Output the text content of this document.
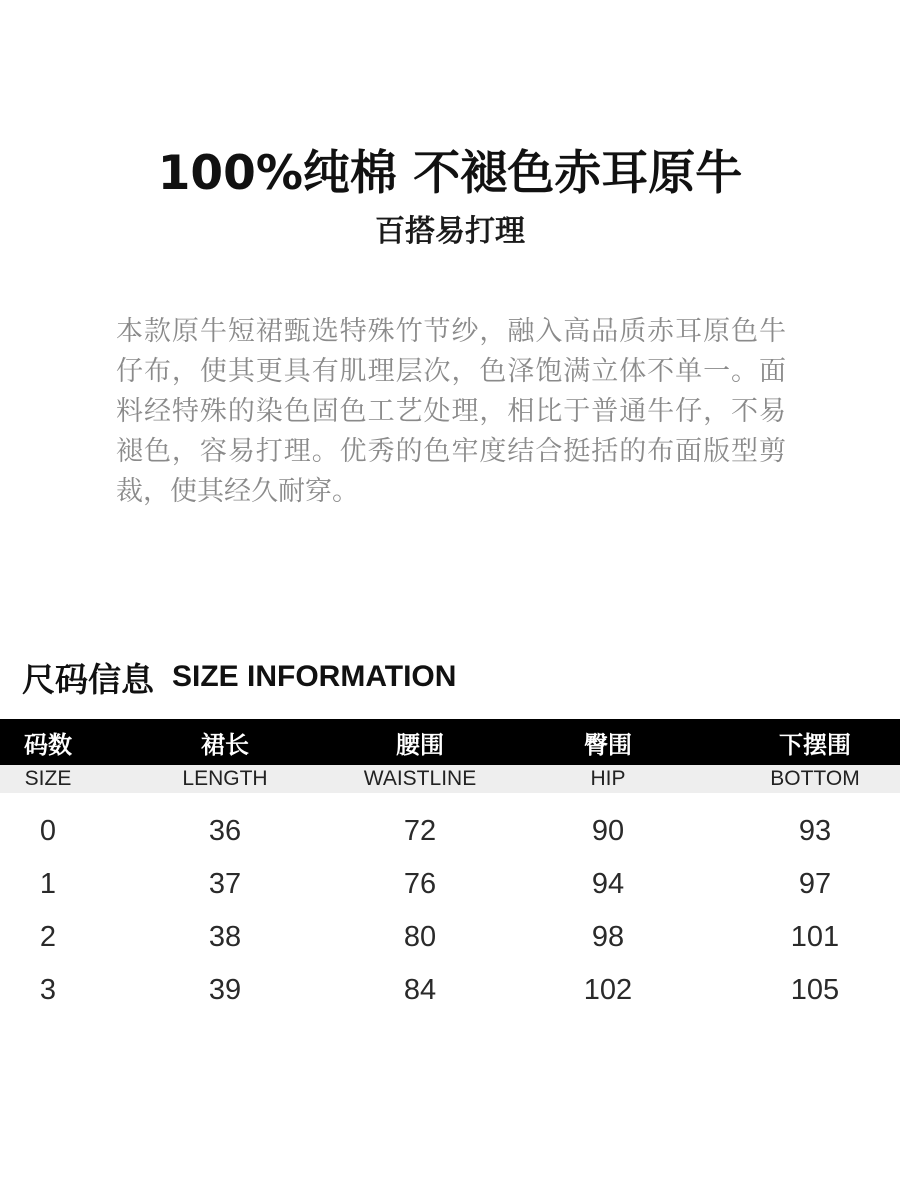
100%纯棉 不褪色赤耳原牛
百搭易打理
本款原牛短裙甄选特殊竹节纱，融入高品质赤耳原色牛仔布，使其更具有肌理层次，色泽饱满立体不单一。面料经特殊的染色固色工艺处理，相比于普通牛仔，不易褪色，容易打理。优秀的色牢度结合挺括的布面版型剪裁，使其经久耐穿。
尺码信息 SIZE INFORMATION
码数	裙长	腰围	臀围	下摆围
SIZE	LENGTH	WAISTLINE	HIP	BOTTOM
0	36	72	90	93
1	37	76	94	97
2	38	80	98	101
3	39	84	102	105
